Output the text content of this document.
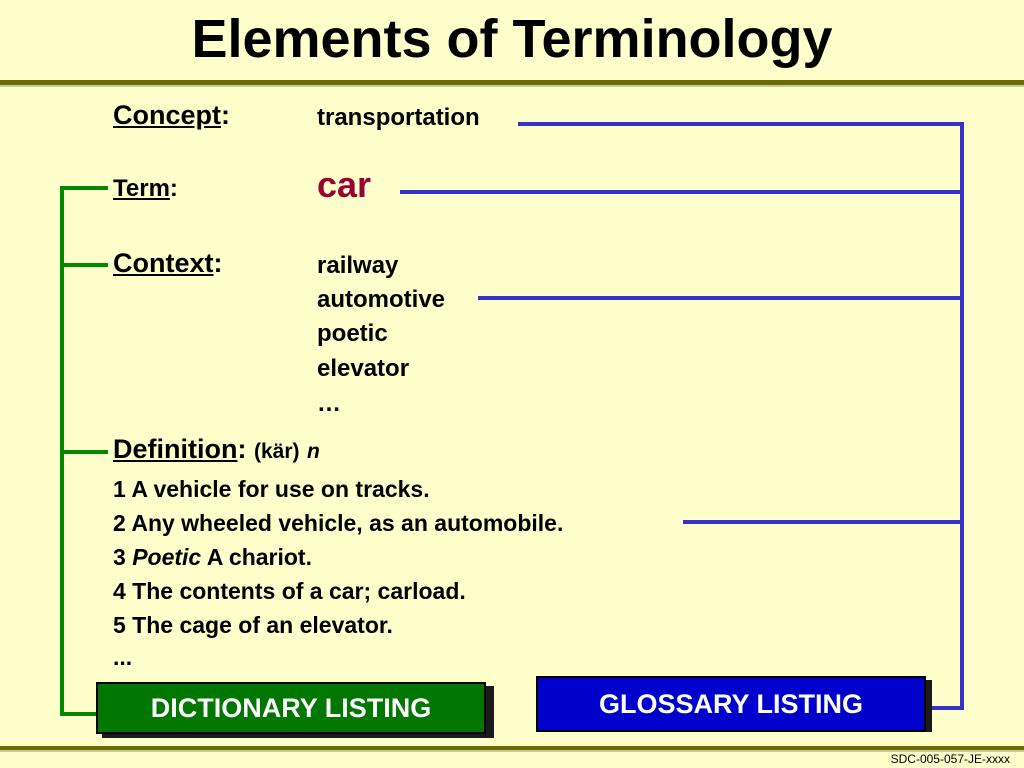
Elements of Terminology
Concept:	transportation
Term:	car
Context:	railway
automotive
poetic
elevator
…
Definition: (kär) n
1 A vehicle for use on tracks.
2 Any wheeled vehicle, as an automobile.
3 Poetic A chariot.
4 The contents of a car; carload.
5 The cage of an elevator.
...
DICTIONARY LISTING	GLOSSARY LISTING
SDC-005-057-JE-xxxx
